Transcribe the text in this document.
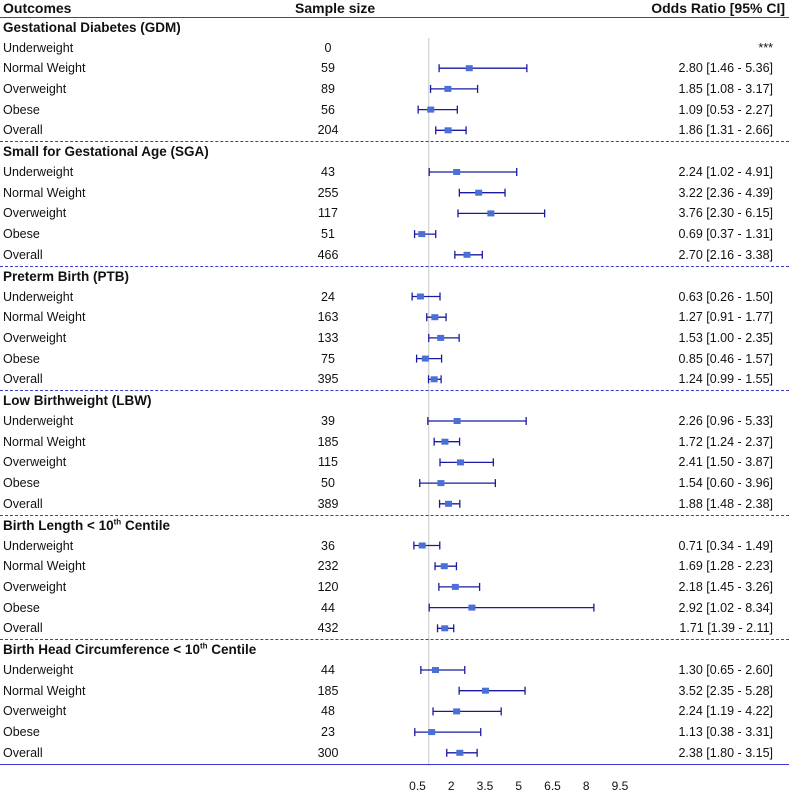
Outcomes	Sample size	Odds Ratio [95% CI]
Gestational Diabetes (GDM)
Underweight	0	***
Normal Weight	59	2.80 [1.46 - 5.36]
Overweight	89	1.85 [1.08 - 3.17]
Obese	56	1.09 [0.53 - 2.27]
Overall	204	1.86 [1.31 - 2.66]
Small for Gestational Age (SGA)
Underweight	43	2.24 [1.02 - 4.91]
Normal Weight	255	3.22 [2.36 - 4.39]
Overweight	117	3.76 [2.30 - 6.15]
Obese	51	0.69 [0.37 - 1.31]
Overall	466	2.70 [2.16 - 3.38]
Preterm Birth (PTB)
Underweight	24	0.63 [0.26 - 1.50]
Normal Weight	163	1.27 [0.91 - 1.77]
Overweight	133	1.53 [1.00 - 2.35]
Obese	75	0.85 [0.46 - 1.57]
Overall	395	1.24 [0.99 - 1.55]
Low Birthweight (LBW)
Underweight	39	2.26 [0.96 - 5.33]
Normal Weight	185	1.72 [1.24 - 2.37]
Overweight	115	2.41 [1.50 - 3.87]
Obese	50	1.54 [0.60 - 3.96]
Overall	389	1.88 [1.48 - 2.38]
Birth Length < 10th Centile
Underweight	36	0.71 [0.34 - 1.49]
Normal Weight	232	1.69 [1.28 - 2.23]
Overweight	120	2.18 [1.45 - 3.26]
Obese	44	2.92 [1.02 - 8.34]
Overall	432	1.71 [1.39 - 2.11]
Birth Head Circumference < 10th Centile
Underweight	44	1.30 [0.65 - 2.60]
Normal Weight	185	3.52 [2.35 - 5.28]
Overweight	48	2.24 [1.19 - 4.22]
Obese	23	1.13 [0.38 - 3.31]
Overall	300	2.38 [1.80 - 3.15]
0.5 2 3.5 5 6.5 8 9.5
